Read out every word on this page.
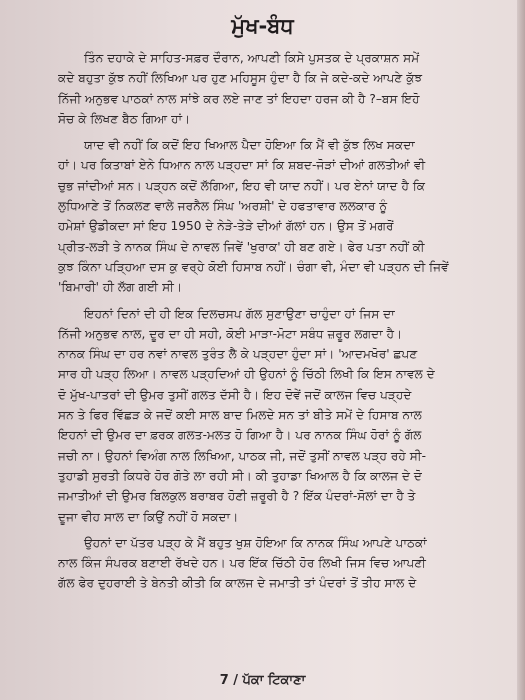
ਮੁੱਖ-ਬੰਧ
ਤਿੰਨ ਦਹਾਕੇ ਦੇ ਸਾਹਿਤ-ਸਫ਼ਰ ਦੌਰਾਨ, ਆਪਣੀ ਕਿਸੇ ਪੁਸਤਕ ਦੇ ਪ੍ਰਕਾਸ਼ਨ ਸਮੇਂ
ਕਦੇ ਬਹੁਤਾ ਕੁੱਝ ਨਹੀਂ ਲਿਖਿਆ ਪਰ ਹੁਣ ਮਹਿਸੂਸ ਹੁੰਦਾ ਹੈ ਕਿ ਜੇ ਕਦੇ-ਕਦੇ ਆਪਣੇ ਕੁੱਝ
ਨਿੱਜੀ ਅਨੁਭਵ ਪਾਠਕਾਂ ਨਾਲ ਸਾਂਝੇ ਕਰ ਲਏ ਜਾਣ ਤਾਂ ਇਹਦਾ ਹਰਜ ਕੀ ਹੈ ?–ਬਸ ਇਹੋ
ਸੋਚ ਕੇ ਲਿਖਣ ਬੈਠ ਗਿਆ ਹਾਂ।
ਯਾਦ ਵੀ ਨਹੀਂ ਕਿ ਕਦੋਂ ਇਹ ਖਿਆਲ ਪੈਦਾ ਹੋਇਆ ਕਿ ਮੈਂ ਵੀ ਕੁੱਝ ਲਿਖ ਸਕਦਾ
ਹਾਂ। ਪਰ ਕਿਤਾਬਾਂ ਏਨੇ ਧਿਆਨ ਨਾਲ ਪੜ੍ਹਦਾ ਸਾਂ ਕਿ ਸ਼ਬਦ-ਜੋੜਾਂ ਦੀਆਂ ਗਲਤੀਆਂ ਵੀ
ਚੁਭ ਜਾਂਦੀਆਂ ਸਨ। ਪੜ੍ਹਨ ਕਦੋਂ ਲੱਗਿਆ, ਇਹ ਵੀ ਯਾਦ ਨਹੀਂ। ਪਰ ਏਨਾਂ ਯਾਦ ਹੈ ਕਿ
ਲੁਧਿਆਣੇ ਤੋਂ ਨਿਕਲਣ ਵਾਲੇ ਜਰਨੈਲ ਸਿੰਘ 'ਅਰਸ਼ੀ' ਦੇ ਹਫਤਾਵਾਰ ਲਲਕਾਰ ਨੂੰ
ਹਮੇਸ਼ਾਂ ਉਡੀਕਦਾ ਸਾਂ ਇਹ 1950 ਦੇ ਨੇੜੇ-ਤੇੜੇ ਦੀਆਂ ਗੱਲਾਂ ਹਨ। ਉਸ ਤੋਂ ਮਗਰੋਂ
ਪ੍ਰੀਤ-ਲੜੀ ਤੇ ਨਾਨਕ ਸਿੰਘ ਦੇ ਨਾਵਲ ਜਿਵੇਂ 'ਖੁਰਾਕ' ਹੀ ਬਣ ਗਏ। ਫੇਰ ਪਤਾ ਨਹੀਂ ਕੀ
ਕੁਝ ਕਿੰਨਾ ਪੜ੍ਹਿਆ ਦਸ ਕੁ ਵਰ੍ਹੇ ਕੋਈ ਹਿਸਾਬ ਨਹੀਂ। ਚੰਗਾ ਵੀ, ਮੰਦਾ ਵੀ ਪੜ੍ਹਨ ਦੀ ਜਿਵੇਂ
'ਬਿਮਾਰੀ' ਹੀ ਲੱਗ ਗਈ ਸੀ।
ਇਹਨਾਂ ਦਿਨਾਂ ਦੀ ਹੀ ਇਕ ਦਿਲਚਸਪ ਗੱਲ ਸੁਣਾਉਣਾ ਚਾਹੁੰਦਾ ਹਾਂ ਜਿਸ ਦਾ
ਨਿੱਜੀ ਅਨੁਭਵ ਨਾਲ, ਦੂਰ ਦਾ ਹੀ ਸਹੀ, ਕੋਈ ਮਾੜਾ-ਮੋਟਾ ਸਬੰਧ ਜ਼ਰੂਰ ਲਗਦਾ ਹੈ।
ਨਾਨਕ ਸਿੰਘ ਦਾ ਹਰ ਨਵਾਂ ਨਾਵਲ ਤੁਰੰਤ ਲੈ ਕੇ ਪੜ੍ਹਦਾ ਹੁੰਦਾ ਸਾਂ। 'ਆਦਮਖੋਰ' ਛਪਣ
ਸਾਰ ਹੀ ਪੜ੍ਹ ਲਿਆ। ਨਾਵਲ ਪੜ੍ਹਦਿਆਂ ਹੀ ਉਹਨਾਂ ਨੂੰ ਚਿੱਠੀ ਲਿਖੀ ਕਿ ਇਸ ਨਾਵਲ ਦੇ
ਦੋ ਮੁੱਖ-ਪਾਤਰਾਂ ਦੀ ਉਮਰ ਤੁਸੀਂ ਗਲਤ ਦੱਸੀ ਹੈ। ਇਹ ਦੋਵੇਂ ਜਦੋਂ ਕਾਲਜ ਵਿਚ ਪੜ੍ਹਦੇ
ਸਨ ਤੇ ਫਿਰ ਵਿੱਛੜ ਕੇ ਜਦੋਂ ਕਈ ਸਾਲ ਬਾਦ ਮਿਲਦੇ ਸਨ ਤਾਂ ਬੀਤੇ ਸਮੇਂ ਦੇ ਹਿਸਾਬ ਨਾਲ
ਇਹਨਾਂ ਦੀ ਉਮਰ ਦਾ ਫ਼ਰਕ ਗਲਤ-ਮਲਤ ਹੋ ਗਿਆ ਹੈ। ਪਰ ਨਾਨਕ ਸਿੰਘ ਹੋਰਾਂ ਨੂੰ ਗੱਲ
ਜਚੀ ਨਾ। ਉਹਨਾਂ ਵਿਅੰਗ ਨਾਲ ਲਿਖਿਆ, ਪਾਠਕ ਜੀ, ਜਦੋਂ ਤੁਸੀਂ ਨਾਵਲ ਪੜ੍ਹ ਰਹੇ ਸੀ-
ਤੁਹਾਡੀ ਸੁਰਤੀ ਕਿਧਰੇ ਹੋਰ ਗੋਤੇ ਲਾ ਰਹੀ ਸੀ। ਕੀ ਤੁਹਾਡਾ ਖਿਆਲ ਹੈ ਕਿ ਕਾਲਜ ਦੇ ਦੋ
ਜਮਾਤੀਆਂ ਦੀ ਉਮਰ ਬਿਲਕੁਲ ਬਰਾਬਰ ਹੋਣੀ ਜ਼ਰੂਰੀ ਹੈ ? ਇੱਕ ਪੰਦਰਾਂ-ਸੋਲਾਂ ਦਾ ਹੈ ਤੇ
ਦੂਜਾ ਵੀਹ ਸਾਲ ਦਾ ਕਿਉਂ ਨਹੀਂ ਹੋ ਸਕਦਾ।
ਉਹਨਾਂ ਦਾ ਪੱਤਰ ਪੜ੍ਹ ਕੇ ਮੈਂ ਬਹੁਤ ਖੁਸ਼ ਹੋਇਆ ਕਿ ਨਾਨਕ ਸਿੰਘ ਆਪਣੇ ਪਾਠਕਾਂ
ਨਾਲ ਕਿੰਜ ਸੰਪਰਕ ਬਣਾਈ ਰੱਖਦੇ ਹਨ। ਪਰ ਇੱਕ ਚਿੱਠੀ ਹੋਰ ਲਿਖੀ ਜਿਸ ਵਿਚ ਆਪਣੀ
ਗੱਲ ਫੇਰ ਦੁਹਰਾਈ ਤੇ ਬੇਨਤੀ ਕੀਤੀ ਕਿ ਕਾਲਜ ਦੇ ਜਮਾਤੀ ਤਾਂ ਪੰਦਰਾਂ ਤੋਂ ਤੀਹ ਸਾਲ ਦੇ
7 / ਪੱਕਾ ਟਿਕਾਣਾ
